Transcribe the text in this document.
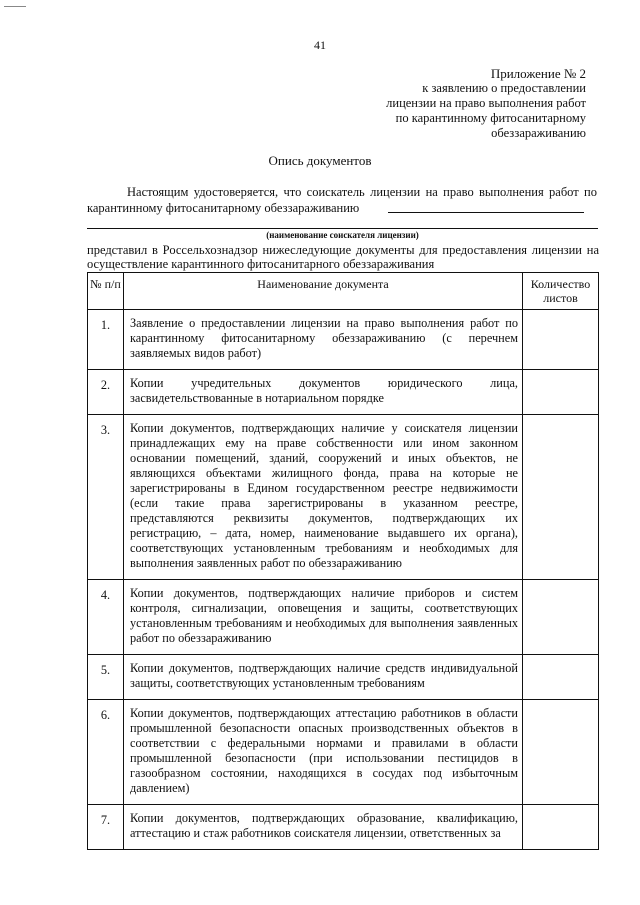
41
Приложение № 2
к заявлению о предоставлении
лицензии на право выполнения работ
по карантинному фитосанитарному
обеззараживанию
Опись документов
Настоящим удостоверяется, что соискатель лицензии на право выполнения работ по карантинному фитосанитарному обеззараживанию
(наименование соискателя лицензии)
представил в Россельхознадзор нижеследующие документы для предоставления лицензии на осуществление карантинного фитосанитарного обеззараживания
№ п/п	Наименование документа	Количество листов
1.	Заявление о предоставлении лицензии на право выполнения работ по карантинному фитосанитарному обеззараживанию (с перечнем заявляемых видов работ)	
2.	Копии учредительных документов юридического лица, засвидетельствованные в нотариальном порядке	
3.	Копии документов, подтверждающих наличие у соискателя лицензии принадлежащих ему на праве собственности или ином законном основании помещений, зданий, сооружений и иных объектов, не являющихся объектами жилищного фонда, права на которые не зарегистрированы в Едином государственном реестре недвижимости (если такие права зарегистрированы в указанном реестре, представляются реквизиты документов, подтверждающих их регистрацию, – дата, номер, наименование выдавшего их органа), соответствующих установленным требованиям и необходимых для выполнения заявленных работ по обеззараживанию	
4.	Копии документов, подтверждающих наличие приборов и систем контроля, сигнализации, оповещения и защиты, соответствующих установленным требованиям и необходимых для выполнения заявленных работ по обеззараживанию	
5.	Копии документов, подтверждающих наличие средств индивидуальной защиты, соответствующих установленным требованиям	
6.	Копии документов, подтверждающих аттестацию работников в области промышленной безопасности опасных производственных объектов в соответствии с федеральными нормами и правилами в области промышленной безопасности (при использовании пестицидов в газообразном состоянии, находящихся в сосудах под избыточным давлением)	
7.	Копии документов, подтверждающих образование, квалификацию, аттестацию и стаж работников соискателя лицензии, ответственных за	
